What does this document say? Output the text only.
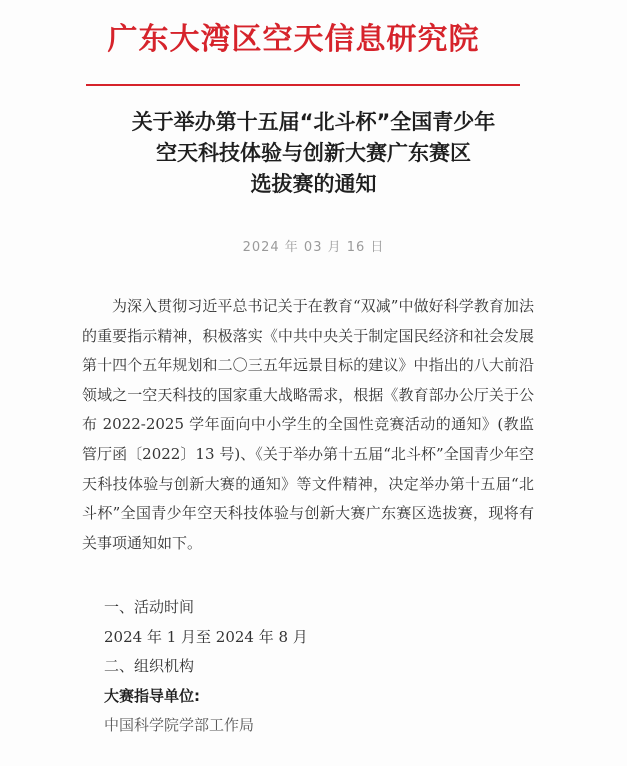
广东大湾区空天信息研究院
关于举办第十五届“北斗杯”全国青少年
空天科技体验与创新大赛广东赛区
选拔赛的通知
2024 年 03 月 16 日
为深入贯彻习近平总书记关于在教育“双减”中做好科学教育加法的重要指示精神，积极落实《中共中央关于制定国民经济和社会发展第十四个五年规划和二〇三五年远景目标的建议》中指出的八大前沿领域之一空天科技的国家重大战略需求，根据《教育部办公厅关于公布 2022-2025 学年面向中小学生的全国性竞赛活动的通知》(教监管厅函〔2022〕13 号)、《关于举办第十五届“北斗杯”全国青少年空天科技体验与创新大赛的通知》等文件精神，决定举办第十五届“北斗杯”全国青少年空天科技体验与创新大赛广东赛区选拔赛，现将有关事项通知如下。
一、活动时间
2024 年 1 月至 2024 年 8 月
二、组织机构
大赛指导单位:
中国科学院学部工作局
